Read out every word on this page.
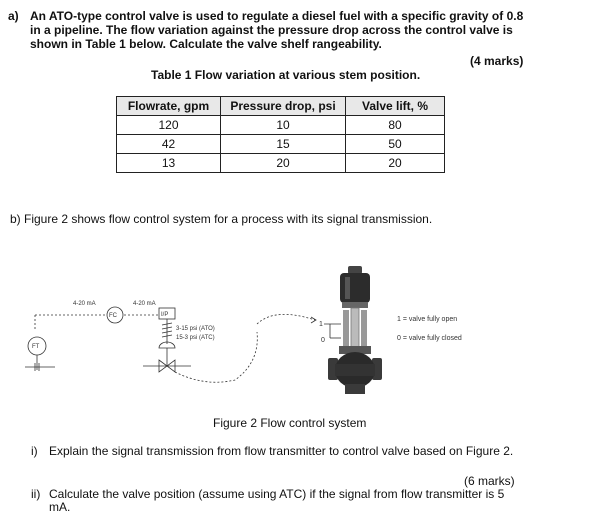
a) An ATO-type control valve is used to regulate a diesel fuel with a specific gravity of 0.8 in a pipeline. The flow variation against the pressure drop across the control valve is shown in Table 1 below. Calculate the valve shelf rangeability.
(4 marks)
Table 1 Flow variation at various stem position.
Flowrate, gpm	Pressure drop, psi	Valve lift, %
120	10	80
42	15	50
13	20	20
b) Figure 2 shows flow control system for a process with its signal transmission.
4-20 mA	4-20 mA
FC	I/P
FT
3-15 psi (ATO)
15-3 psi (ATC)
1
0
1 = valve fully open
0 = valve fully closed
Figure 2 Flow control system
i) Explain the signal transmission from flow transmitter to control valve based on Figure 2.
(6 marks)
ii) Calculate the valve position (assume using ATC) if the signal from flow transmitter is 5 mA.
